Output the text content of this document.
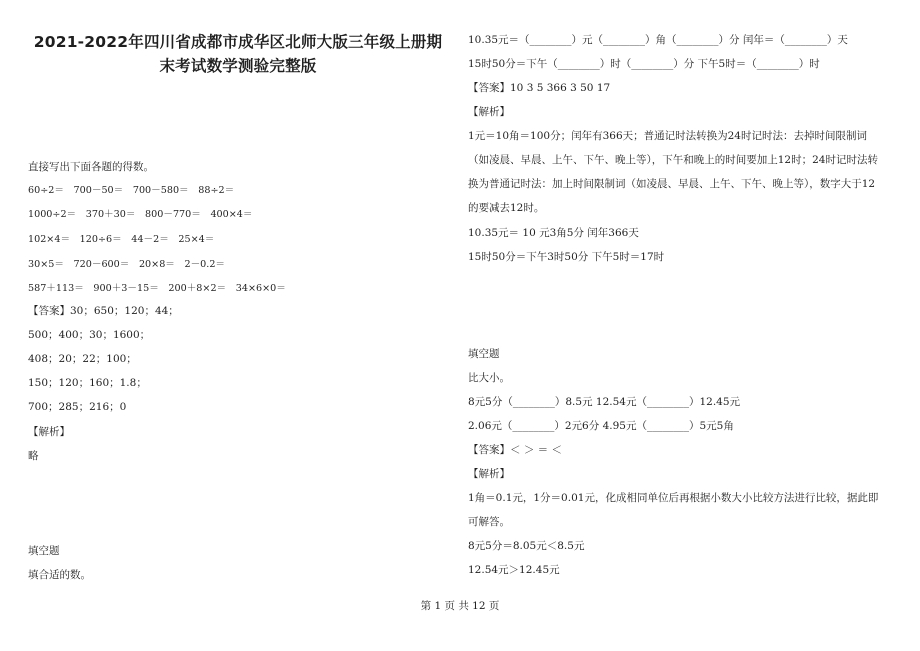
2021-2022年四川省成都市成华区北师大版三年级上册期
末考试数学测验完整版
直接写出下面各题的得数。
60÷2＝　700－50＝　700－580＝　88÷2＝
1000÷2＝　370＋30＝　800－770＝　400×4＝
102×4＝　120÷6＝　44－2＝　25×4＝
30×5＝　720－600＝　20×8＝　2－0.2＝
587＋113＝　900＋3－15＝　200＋8×2＝　34×6×0＝
【答案】30；650；120；44；
500；400；30；1600；
408；20；22；100；
150；120；160；1.8；
700；285；216；0
【解析】
略
填空题
填合适的数。
10.35元＝（________）元（________）角（________）分 闰年＝（________）天
15时50分＝下午（________）时（________）分 下午5时＝（________）时
【答案】10 3 5 366 3 50 17
【解析】
1元＝10角＝100分；闰年有366天；普通记时法转换为24时记时法：去掉时间限制词
（如凌晨、早晨、上午、下午、晚上等），下午和晚上的时间要加上12时；24时记时法转
换为普通记时法：加上时间限制词（如凌晨、早晨、上午、下午、晚上等），数字大于12
的要减去12时。
10.35元＝ 10 元3角5分 闰年366天
15时50分＝下午3时50分 下午5时＝17时
填空题
比大小。
8元5分（________）8.5元 12.54元（________）12.45元
2.06元（________）2元6分 4.95元（________）5元5角
【答案】＜ ＞ ＝ ＜
【解析】
1角＝0.1元，1分＝0.01元，化成相同单位后再根据小数大小比较方法进行比较，据此即
可解答。
8元5分＝8.05元＜8.5元
12.54元＞12.45元
第 1 页 共 12 页
